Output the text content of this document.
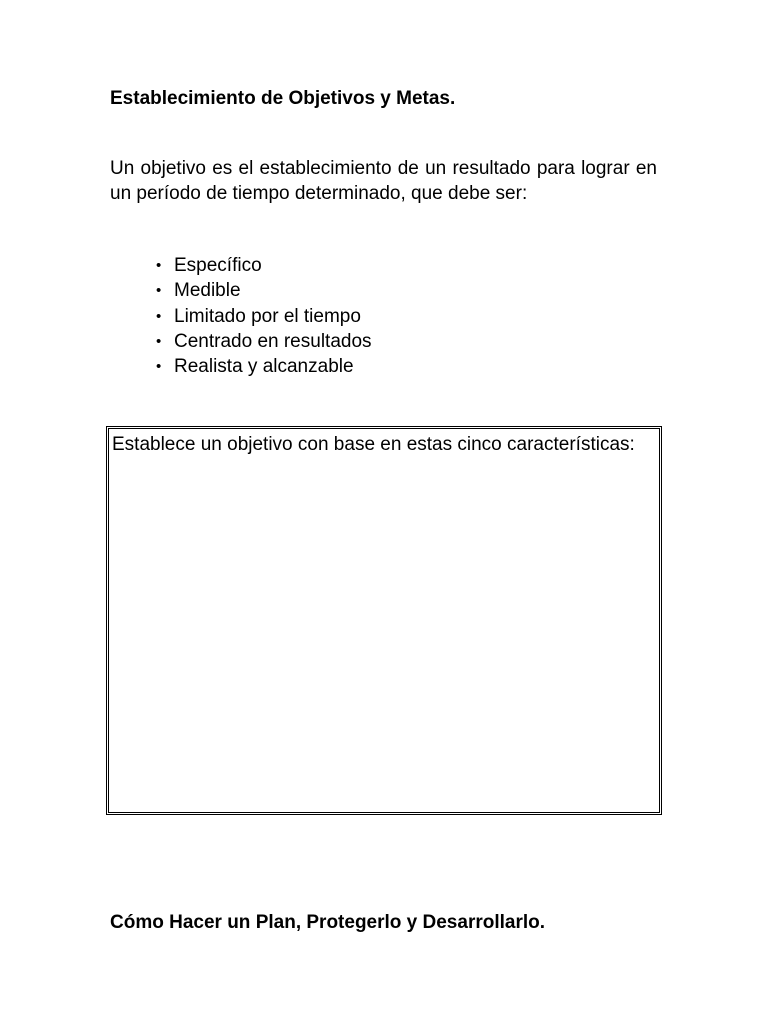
Establecimiento de Objetivos y Metas.

Un objetivo es el establecimiento de un resultado para lograr en un período de tiempo determinado, que debe ser:

• Específico
• Medible
• Limitado por el tiempo
• Centrado en resultados
• Realista y alcanzable

Establece un objetivo con base en estas cinco características:

Cómo Hacer un Plan, Protegerlo y Desarrollarlo.
